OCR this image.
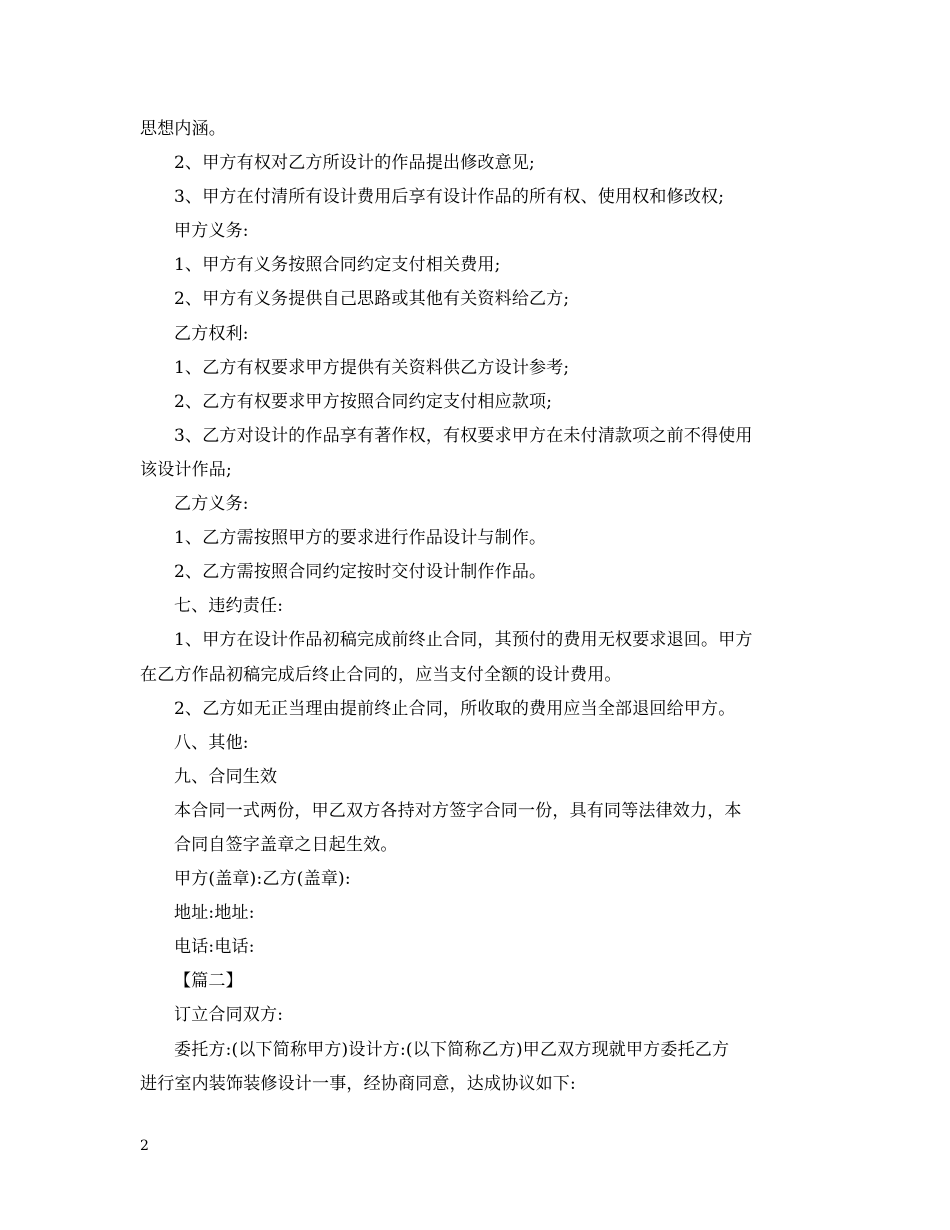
思想内涵。
2、甲方有权对乙方所设计的作品提出修改意见;
3、甲方在付清所有设计费用后享有设计作品的所有权、使用权和修改权;
甲方义务:
1、甲方有义务按照合同约定支付相关费用;
2、甲方有义务提供自己思路或其他有关资料给乙方;
乙方权利:
1、乙方有权要求甲方提供有关资料供乙方设计参考;
2、乙方有权要求甲方按照合同约定支付相应款项;
3、乙方对设计的作品享有著作权，有权要求甲方在未付清款项之前不得使用
该设计作品;
乙方义务:
1、乙方需按照甲方的要求进行作品设计与制作。
2、乙方需按照合同约定按时交付设计制作作品。
七、违约责任:
1、甲方在设计作品初稿完成前终止合同，其预付的费用无权要求退回。甲方
在乙方作品初稿完成后终止合同的，应当支付全额的设计费用。
2、乙方如无正当理由提前终止合同，所收取的费用应当全部退回给甲方。
八、其他:
九、合同生效
本合同一式两份，甲乙双方各持对方签字合同一份，具有同等法律效力，本
合同自签字盖章之日起生效。
甲方(盖章):乙方(盖章):
地址:地址:
电话:电话:
【篇二】
订立合同双方:
委托方:(以下简称甲方)设计方:(以下简称乙方)甲乙双方现就甲方委托乙方
进行室内装饰装修设计一事，经协商同意，达成协议如下:
2
